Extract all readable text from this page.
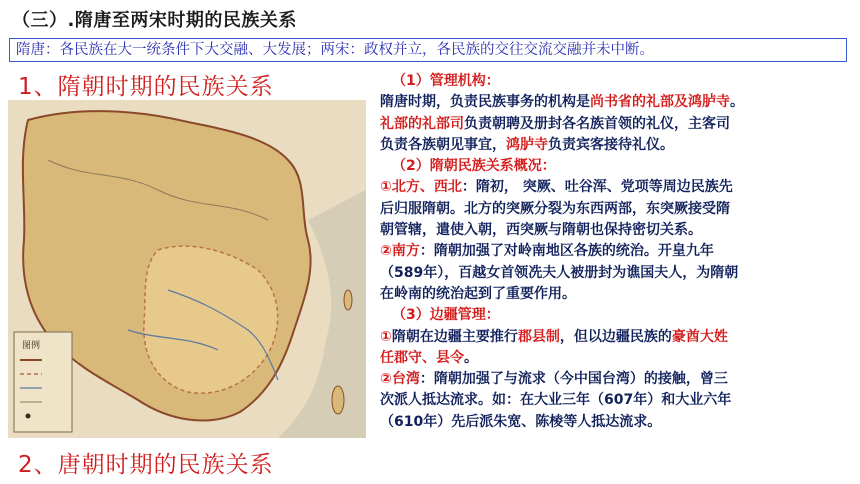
（三）.隋唐至两宋时期的民族关系
隋唐：各民族在大一统条件下大交融、大发展；两宋：政权并立，各民族的交往交流交融并未中断。
1、隋朝时期的民族关系
图例
（1）管理机构：
隋唐时期，负责民族事务的机构是尚书省的礼部及鸿胪寺。
礼部的礼部司负责朝聘及册封各名族首领的礼仪，主客司
负责各族朝见事宜，鸿胪寺负责宾客接待礼仪。
（2）隋朝民族关系概况：
①北方、西北：隋初， 突厥、吐谷浑、党项等周边民族先
后归服隋朝。北方的突厥分裂为东西两部，东突厥接受隋
朝管辖，遣使入朝，西突厥与隋朝也保持密切关系。
②南方：隋朝加强了对岭南地区各族的统治。开皇九年
（589年），百越女首领冼夫人被册封为谯国夫人，为隋朝
在岭南的统治起到了重要作用。
（3）边疆管理：
①隋朝在边疆主要推行郡县制，但以边疆民族的豪酋大姓
任郡守、县令。
②台湾：隋朝加强了与流求（今中国台湾）的接触，曾三
次派人抵达流求。如：在大业三年（607年）和大业六年
（610年）先后派朱宽、陈棱等人抵达流求。
2、唐朝时期的民族关系
